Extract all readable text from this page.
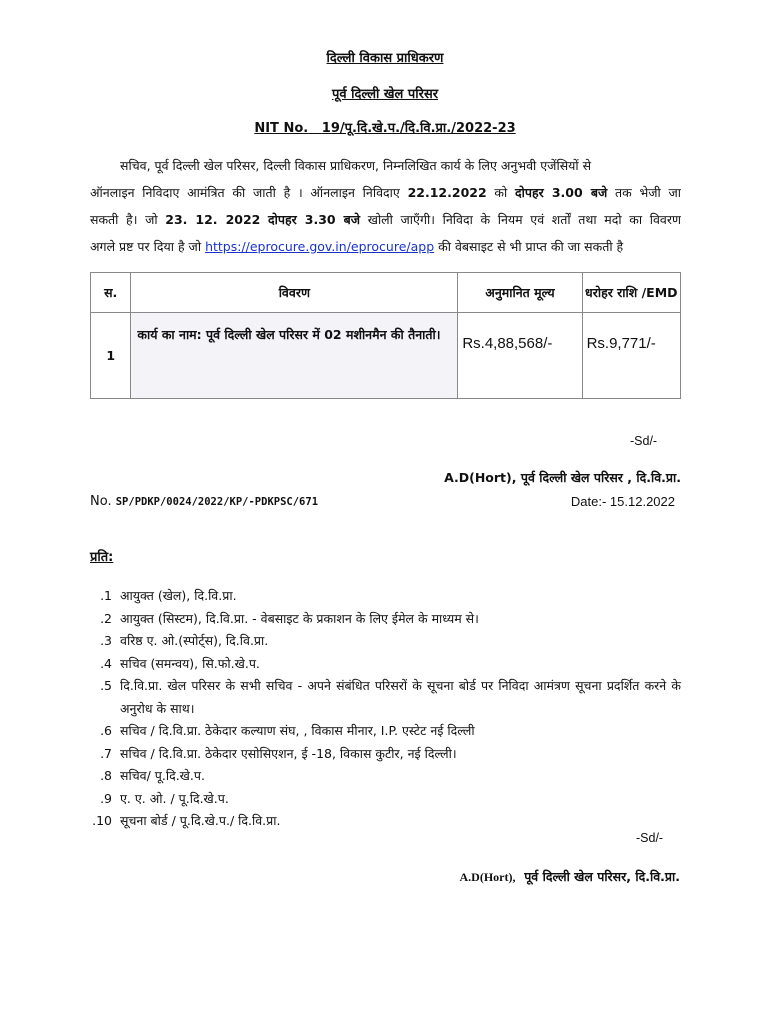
दिल्ली विकास प्राधिकरण
पूर्व दिल्ली खेल परिसर
NIT No. 19/पू.दि.खे.प./दि.वि.प्रा./2022-23
सचिव, पूर्व दिल्ली खेल परिसर, दिल्ली विकास प्राधिकरण, निम्नलिखित कार्य के लिए अनुभवी एजेंसियों से
ऑनलाइन निविदाए आमंत्रित की जाती है । ऑनलाइन निविदाए 22.12.2022 को दोपहर 3.00 बजे तक भेजी जा
सकती है। जो 23. 12. 2022 दोपहर 3.30 बजे खोली जाएँगी। निविदा के नियम एवं शर्तों तथा मदो का विवरण
अगले प्रष्ट पर दिया है जो https://eprocure.gov.in/eprocure/app की वेबसाइट से भी प्राप्त की जा सकती है
स.	विवरण	अनुमानित मूल्य	धरोहर राशि /EMD
1	कार्य का नाम: पूर्व दिल्ली खेल परिसर में 02 मशीनमैन की तैनाती।	Rs.4,88,568/-	Rs.9,771/-
-Sd/-
A.D(Hort), पूर्व दिल्ली खेल परिसर , दि.वि.प्रा.
No. SP/PDKP/0024/2022/KP/-PDKPSC/671	Date:- 15.12.2022
प्रति:
1. आयुक्त (खेल), दि.वि.प्रा.
2. आयुक्त (सिस्टम), दि.वि.प्रा. - वेबसाइट के प्रकाशन के लिए ईमेल के माध्यम से।
3. वरिष्ठ ए. ओ.(स्पोर्ट्स), दि.वि.प्रा.
4. सचिव (समन्वय), सि.फो.खे.प.
5. दि.वि.प्रा. खेल परिसर के सभी सचिव - अपने संबंधित परिसरों के सूचना बोर्ड पर निविदा आमंत्रण सूचना प्रदर्शित करने के अनुरोध के साथ।
6. सचिव / दि.वि.प्रा. ठेकेदार कल्याण संघ, , विकास मीनार, I.P. एस्टेट नई दिल्ली
7. सचिव / दि.वि.प्रा. ठेकेदार एसोसिएशन, ई -18, विकास कुटीर, नई दिल्ली।
8. सचिव/ पू.दि.खे.प.
9. ए. ए. ओ. / पू.दि.खे.प.
10. सूचना बोर्ड / पू.दि.खे.प./ दि.वि.प्रा.
-Sd/-
A.D(Hort), पूर्व दिल्ली खेल परिसर, दि.वि.प्रा.
